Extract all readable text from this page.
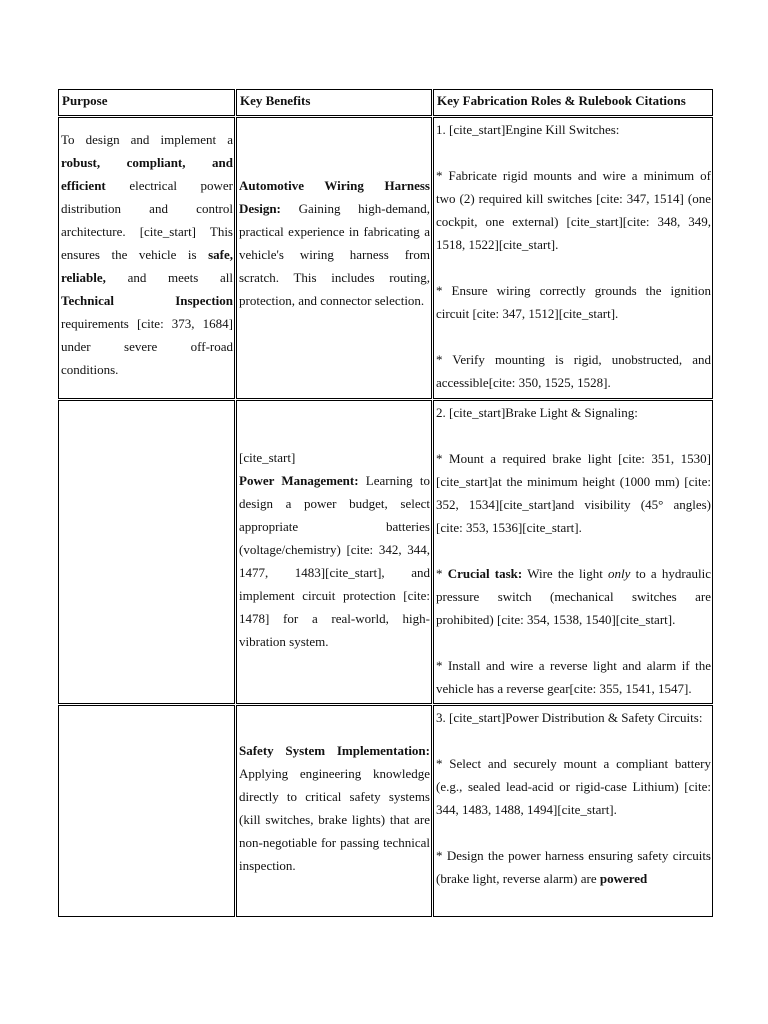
Purpose	Key Benefits	Key Fabrication Roles & Rulebook Citations
To design and implement a robust, compliant, and efficient electrical power distribution and control architecture. [cite_start] This ensures the vehicle is safe, reliable, and meets all Technical Inspection requirements [cite: 373, 1684] under severe off-road conditions.
Automotive Wiring Harness Design: Gaining high-demand, practical experience in fabricating a vehicle's wiring harness from scratch. This includes routing, protection, and connector selection.
1. [cite_start]Engine Kill Switches:
* Fabricate rigid mounts and wire a minimum of two (2) required kill switches [cite: 347, 1514] (one cockpit, one external) [cite_start][cite: 348, 349, 1518, 1522][cite_start].
* Ensure wiring correctly grounds the ignition circuit [cite: 347, 1512][cite_start].
* Verify mounting is rigid, unobstructed, and accessible[cite: 350, 1525, 1528].
[cite_start]
Power Management: Learning to design a power budget, select appropriate batteries (voltage/chemistry) [cite: 342, 344, 1477, 1483][cite_start], and implement circuit protection [cite: 1478] for a real-world, high-vibration system.
2. [cite_start]Brake Light & Signaling:
* Mount a required brake light [cite: 351, 1530][cite_start]at the minimum height (1000 mm) [cite: 352, 1534][cite_start]and visibility (45° angles) [cite: 353, 1536][cite_start].
* Crucial task: Wire the light only to a hydraulic pressure switch (mechanical switches are prohibited) [cite: 354, 1538, 1540][cite_start].
* Install and wire a reverse light and alarm if the vehicle has a reverse gear[cite: 355, 1541, 1547].
Safety System Implementation: Applying engineering knowledge directly to critical safety systems (kill switches, brake lights) that are non-negotiable for passing technical inspection.
3. [cite_start]Power Distribution & Safety Circuits:
* Select and securely mount a compliant battery (e.g., sealed lead-acid or rigid-case Lithium) [cite: 344, 1483, 1488, 1494][cite_start].
* Design the power harness ensuring safety circuits (brake light, reverse alarm) are powered
